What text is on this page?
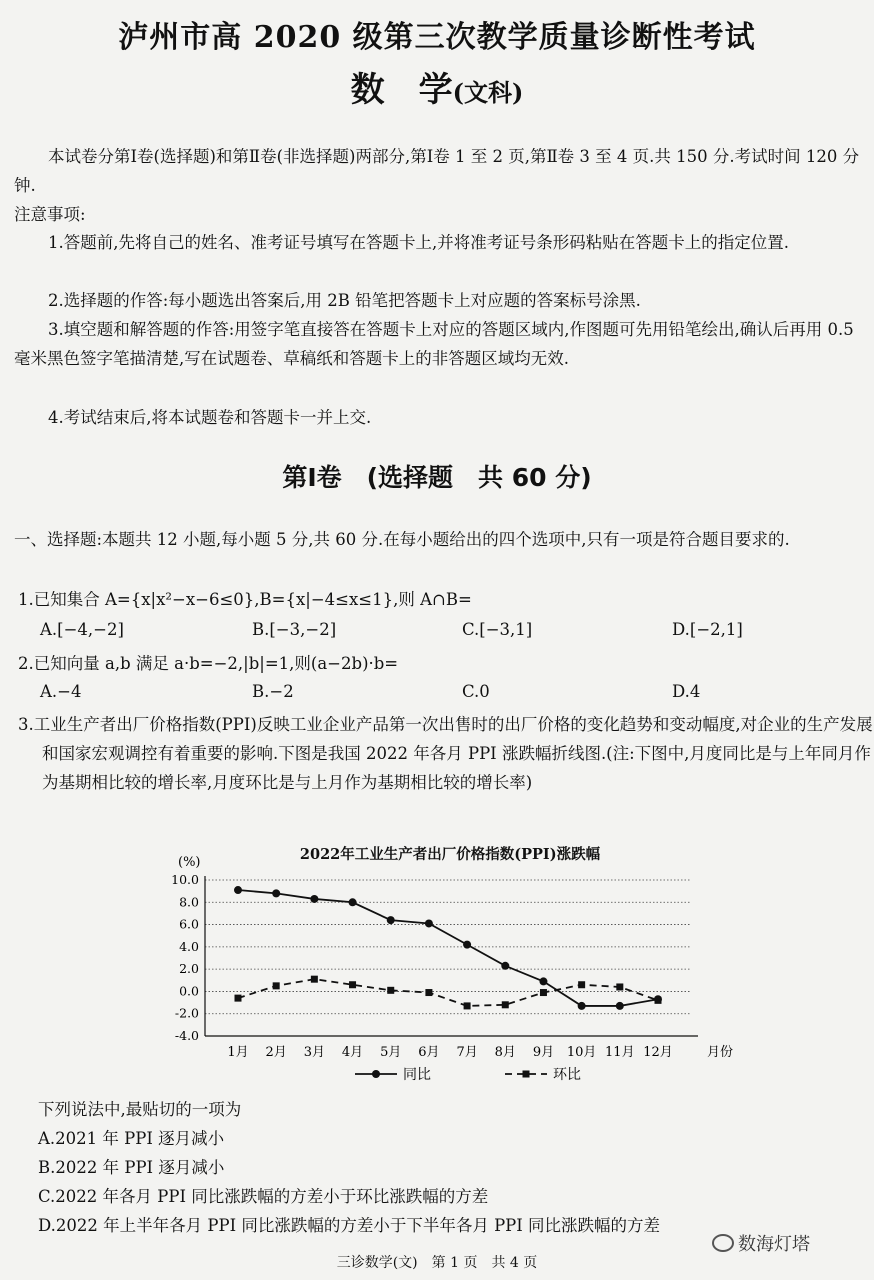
泸州市高 2020 级第三次教学质量诊断性考试
数　学(文科)
本试卷分第Ⅰ卷(选择题)和第Ⅱ卷(非选择题)两部分,第Ⅰ卷 1 至 2 页,第Ⅱ卷 3 至 4 页.共 150 分.考试时间 120 分钟.
注意事项:
1.答题前,先将自己的姓名、准考证号填写在答题卡上,并将准考证号条形码粘贴在答题卡上的指定位置.
2.选择题的作答:每小题选出答案后,用 2B 铅笔把答题卡上对应题的答案标号涂黑.
3.填空题和解答题的作答:用签字笔直接答在答题卡上对应的答题区域内,作图题可先用铅笔绘出,确认后再用 0.5 毫米黑色签字笔描清楚,写在试题卷、草稿纸和答题卡上的非答题区域均无效.
4.考试结束后,将本试题卷和答题卡一并上交.
第Ⅰ卷　(选择题　共 60 分)
一、选择题:本题共 12 小题,每小题 5 分,共 60 分.在每小题给出的四个选项中,只有一项是符合题目要求的.
1.已知集合 A={x|x²−x−6≤0},B={x|−4≤x≤1},则 A∩B=
A.[−4,−2]	B.[−3,−2]	C.[−3,1]	D.[−2,1]
2.已知向量 a,b 满足 a·b=−2,|b|=1,则(a−2b)·b=
A.−4	B.−2	C.0	D.4
3.工业生产者出厂价格指数(PPI)反映工业企业产品第一次出售时的出厂价格的变化趋势和变动幅度,对企业的生产发展和国家宏观调控有着重要的影响.下图是我国 2022 年各月 PPI 涨跌幅折线图.(注:下图中,月度同比是与上年同月作为基期相比较的增长率,月度环比是与上月作为基期相比较的增长率)
2022年工业生产者出厂价格指数(PPI)涨跌幅
(%)
10.0
8.0
6.0
4.0
2.0
0.0
-2.0
-4.0
1月 2月 3月 4月 5月 6月 7月 8月 9月 10月 11月 12月	月份
同比	环比
下列说法中,最贴切的一项为
A.2021 年 PPI 逐月减小
B.2022 年 PPI 逐月减小
C.2022 年各月 PPI 同比涨跌幅的方差小于环比涨跌幅的方差
D.2022 年上半年各月 PPI 同比涨跌幅的方差小于下半年各月 PPI 同比涨跌幅的方差
数海灯塔
三诊数学(文)　第 1 页　共 4 页
